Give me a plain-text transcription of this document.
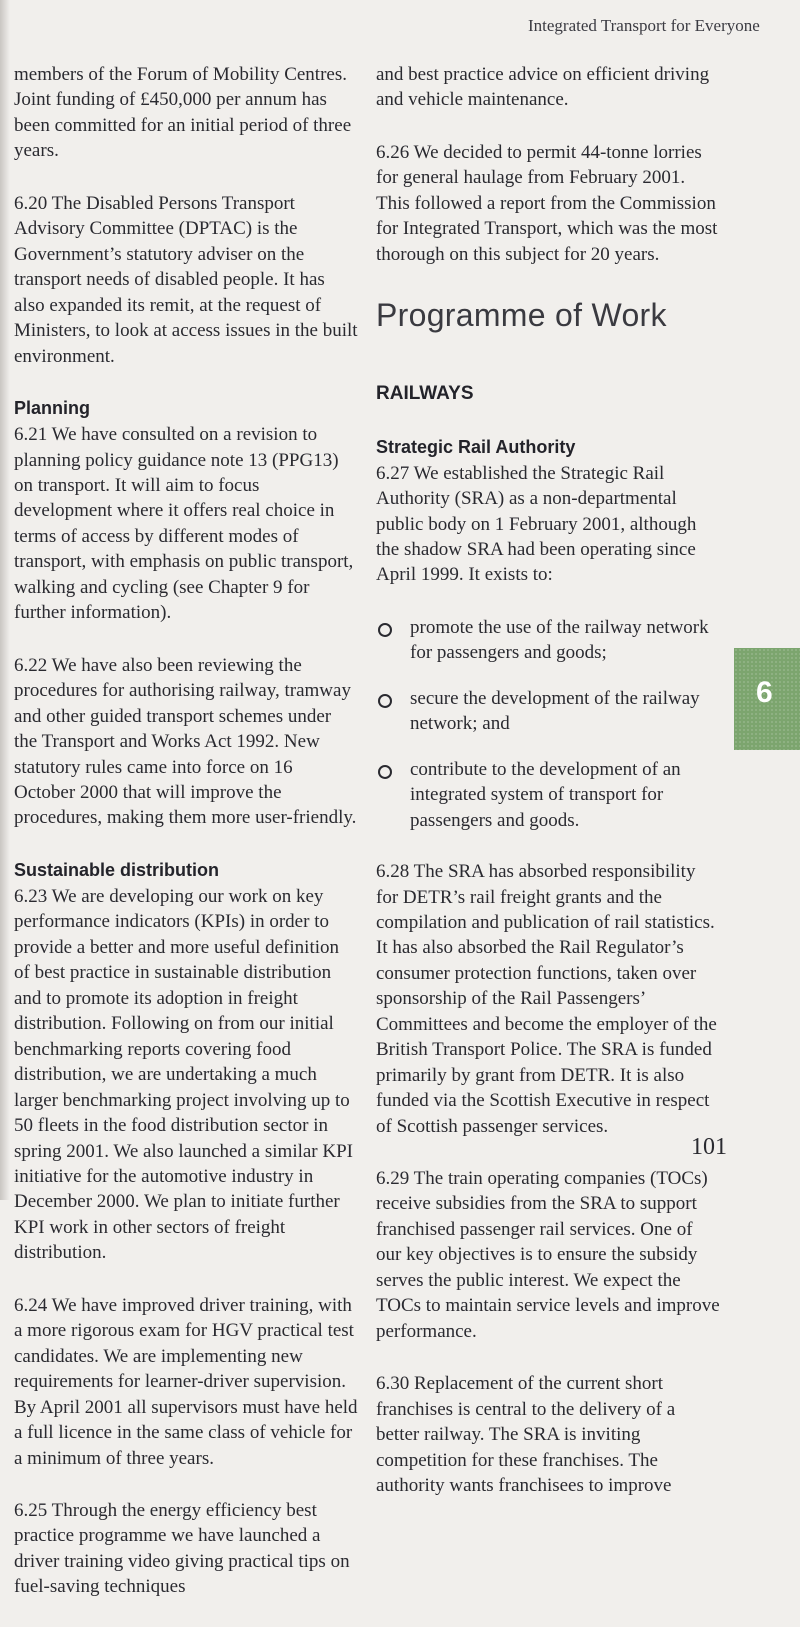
Integrated Transport for Everyone

members of the Forum of Mobility Centres. Joint funding of £450,000 per annum has been committed for an initial period of three years.

6.20 The Disabled Persons Transport Advisory Committee (DPTAC) is the Government’s statutory adviser on the transport needs of disabled people. It has also expanded its remit, at the request of Ministers, to look at access issues in the built environment.

Planning

6.21 We have consulted on a revision to planning policy guidance note 13 (PPG13) on transport. It will aim to focus development where it offers real choice in terms of access by different modes of transport, with emphasis on public transport, walking and cycling (see Chapter 9 for further information).

6.22 We have also been reviewing the procedures for authorising railway, tramway and other guided transport schemes under the Transport and Works Act 1992. New statutory rules came into force on 16 October 2000 that will improve the procedures, making them more user-friendly.

Sustainable distribution

6.23 We are developing our work on key performance indicators (KPIs) in order to provide a better and more useful definition of best practice in sustainable distribution and to promote its adoption in freight distribution. Following on from our initial benchmarking reports covering food distribution, we are undertaking a much larger benchmarking project involving up to 50 fleets in the food distribution sector in spring 2001. We also launched a similar KPI initiative for the automotive industry in December 2000. We plan to initiate further KPI work in other sectors of freight distribution.

6.24 We have improved driver training, with a more rigorous exam for HGV practical test candidates. We are implementing new requirements for learner-driver supervision. By April 2001 all supervisors must have held a full licence in the same class of vehicle for a minimum of three years.

6.25 Through the energy efficiency best practice programme we have launched a driver training video giving practical tips on fuel-saving techniques

and best practice advice on efficient driving and vehicle maintenance.

6.26 We decided to permit 44-tonne lorries for general haulage from February 2001. This followed a report from the Commission for Integrated Transport, which was the most thorough on this subject for 20 years.

Programme of Work
RAILWAYS
Strategic Rail Authority

6.27 We established the Strategic Rail Authority (SRA) as a non-departmental public body on 1 February 2001, although the shadow SRA had been operating since April 1999. It exists to:

promote the use of the railway network for passengers and goods;
secure the development of the railway network; and
contribute to the development of an integrated system of transport for passengers and goods.

6.28 The SRA has absorbed responsibility for DETR’s rail freight grants and the compilation and publication of rail statistics. It has also absorbed the Rail Regulator’s consumer protection functions, taken over sponsorship of the Rail Passengers’ Committees and become the employer of the British Transport Police. The SRA is funded primarily by grant from DETR. It is also funded via the Scottish Executive in respect of Scottish passenger services.

6.29 The train operating companies (TOCs) receive subsidies from the SRA to support franchised passenger rail services. One of our key objectives is to ensure the subsidy serves the public interest. We expect the TOCs to maintain service levels and improve performance.

6.30 Replacement of the current short franchises is central to the delivery of a better railway. The SRA is inviting competition for these franchises. The authority wants franchisees to improve

6
101
